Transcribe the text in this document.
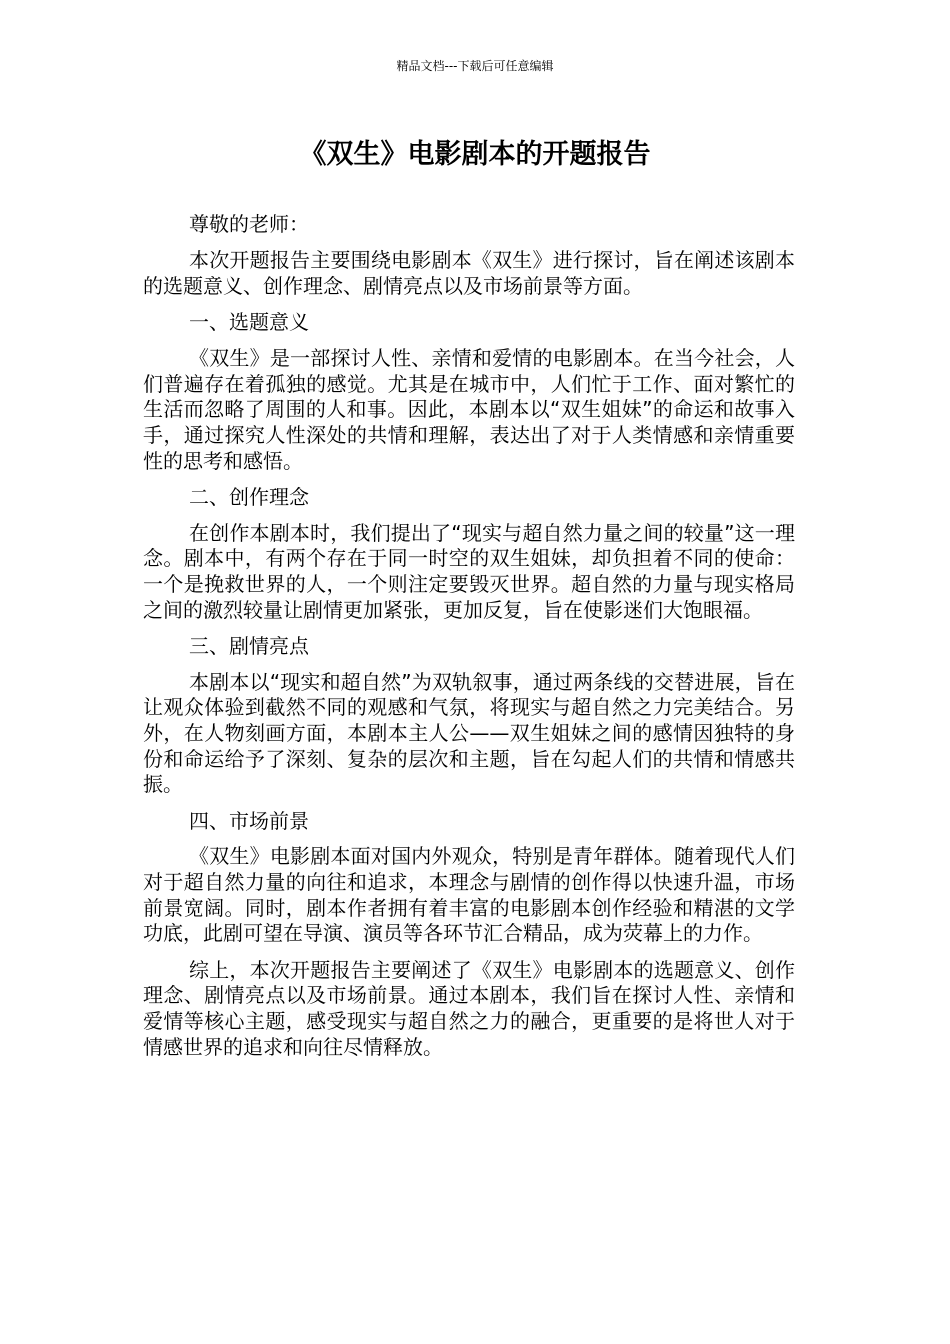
精品文档---下载后可任意编辑
《双生》电影剧本的开题报告

尊敬的老师：

本次开题报告主要围绕电影剧本《双生》进行探讨，旨在阐述该剧本的选题意义、创作理念、剧情亮点以及市场前景等方面。

一、选题意义

《双生》是一部探讨人性、亲情和爱情的电影剧本。在当今社会，人们普遍存在着孤独的感觉。尤其是在城市中，人们忙于工作、面对繁忙的生活而忽略了周围的人和事。因此，本剧本以“双生姐妹”的命运和故事入手，通过探究人性深处的共情和理解，表达出了对于人类情感和亲情重要性的思考和感悟。

二、创作理念

在创作本剧本时，我们提出了“现实与超自然力量之间的较量”这一理念。剧本中，有两个存在于同一时空的双生姐妹，却负担着不同的使命：一个是挽救世界的人，一个则注定要毁灭世界。超自然的力量与现实格局之间的激烈较量让剧情更加紧张，更加反复，旨在使影迷们大饱眼福。

三、剧情亮点

本剧本以“现实和超自然”为双轨叙事，通过两条线的交替进展，旨在让观众体验到截然不同的观感和气氛，将现实与超自然之力完美结合。另外，在人物刻画方面，本剧本主人公——双生姐妹之间的感情因独特的身份和命运给予了深刻、复杂的层次和主题，旨在勾起人们的共情和情感共振。

四、市场前景

《双生》电影剧本面对国内外观众，特别是青年群体。随着现代人们对于超自然力量的向往和追求，本理念与剧情的创作得以快速升温，市场前景宽阔。同时，剧本作者拥有着丰富的电影剧本创作经验和精湛的文学功底，此剧可望在导演、演员等各环节汇合精品，成为荧幕上的力作。

综上，本次开题报告主要阐述了《双生》电影剧本的选题意义、创作理念、剧情亮点以及市场前景。通过本剧本，我们旨在探讨人性、亲情和爱情等核心主题，感受现实与超自然之力的融合，更重要的是将世人对于情感世界的追求和向往尽情释放。
